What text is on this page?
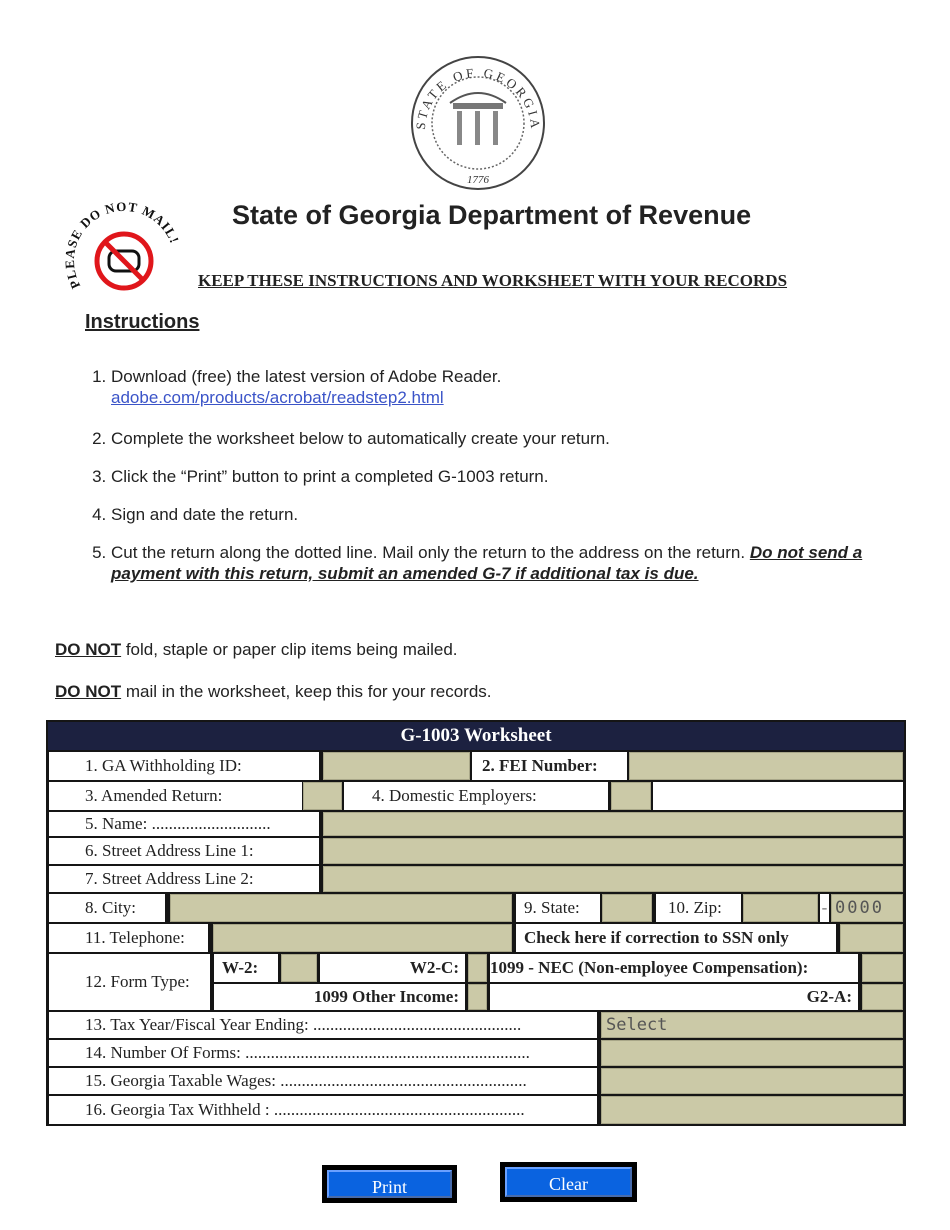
STATE OF GEORGIA
1776
PLEASE DO NOT MAIL!
State of Georgia Department of Revenue
KEEP THESE INSTRUCTIONS AND WORKSHEET WITH YOUR RECORDS
Instructions
1. Download (free) the latest version of Adobe Reader.
adobe.com/products/acrobat/readstep2.html
2. Complete the worksheet below to automatically create your return.
3. Click the “Print” button to print a completed G-1003 return.
4. Sign and date the return.
5. Cut the return along the dotted line. Mail only the return to the address on the return. Do not send a payment with this return, submit an amended G-7 if additional tax is due.
DO NOT fold, staple or paper clip items being mailed.
DO NOT mail in the worksheet, keep this for your records.
G-1003 Worksheet
1. GA Withholding ID:	2. FEI Number:
3. Amended Return:	4. Domestic Employers:
5. Name: ............................
6. Street Address Line 1:
7. Street Address Line 2:
8. City:	9. State:	10. Zip:	- 0000
11. Telephone:	Check here if correction to SSN only
12. Form Type:
W-2:	W2-C:	1099 - NEC (Non-employee Compensation):
1099 Other Income:	G2-A:
13. Tax Year/Fiscal Year Ending: .................................................	Select
14. Number Of Forms: ...................................................................
15. Georgia Taxable Wages: ..........................................................
16. Georgia Tax Withheld : ...........................................................
Print	Clear
